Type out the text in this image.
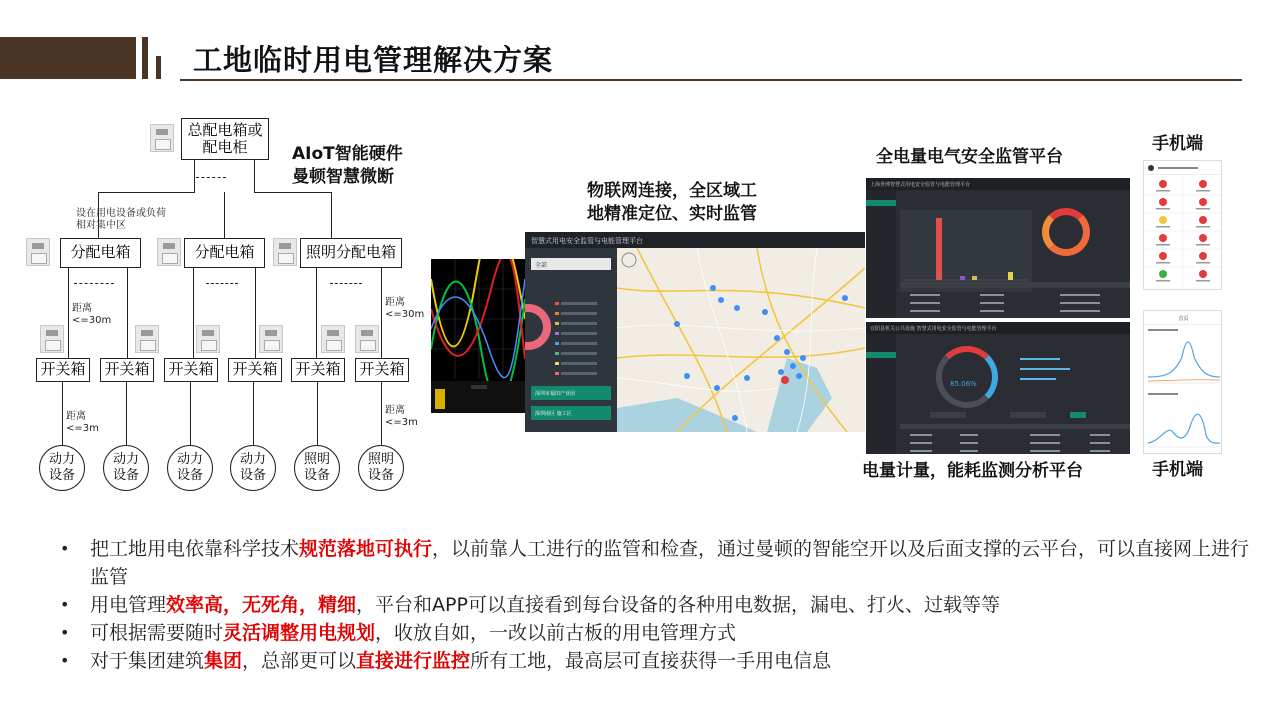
工地临时用电管理解决方案
总配电箱或配电柜
设在用电设备或负荷相对集中区
分配电箱	分配电箱	照明分配电箱
距离 <=30m
距离 <=30m
开关箱 开关箱 开关箱 开关箱 开关箱 开关箱
距离 <=3m
距离 <=3m
动力设备
动力设备
动力设备
动力设备
照明设备
照明设备
AIoT智能硬件
曼顿智慧微断
物联网连接，全区域工
地精准定位、实时监管
全电量电气安全监管平台
手机端
电量计量，能耗监测分析平台	手机端
智慧式用电安全监管与电能管理平台
全部
深圳市福田产业园
深圳南区 施工区
上海世博智慧式用电安全监管与电能管理平台
宜阳县机关公共设施 智慧式用电安全监管与电能管理平台
85.06%
首页
• 把工地用电依靠科学技术规范落地可执行，以前靠人工进行的监管和检查，通过曼顿的智能空开以及后面支撑的云平台，可以直接网上进行监管
• 用电管理效率高，无死角，精细，平台和APP可以直接看到每台设备的各种用电数据，漏电、打火、过载等等
• 可根据需要随时灵活调整用电规划，收放自如，一改以前古板的用电管理方式
• 对于集团建筑集团，总部更可以直接进行监控所有工地，最高层可直接获得一手用电信息
